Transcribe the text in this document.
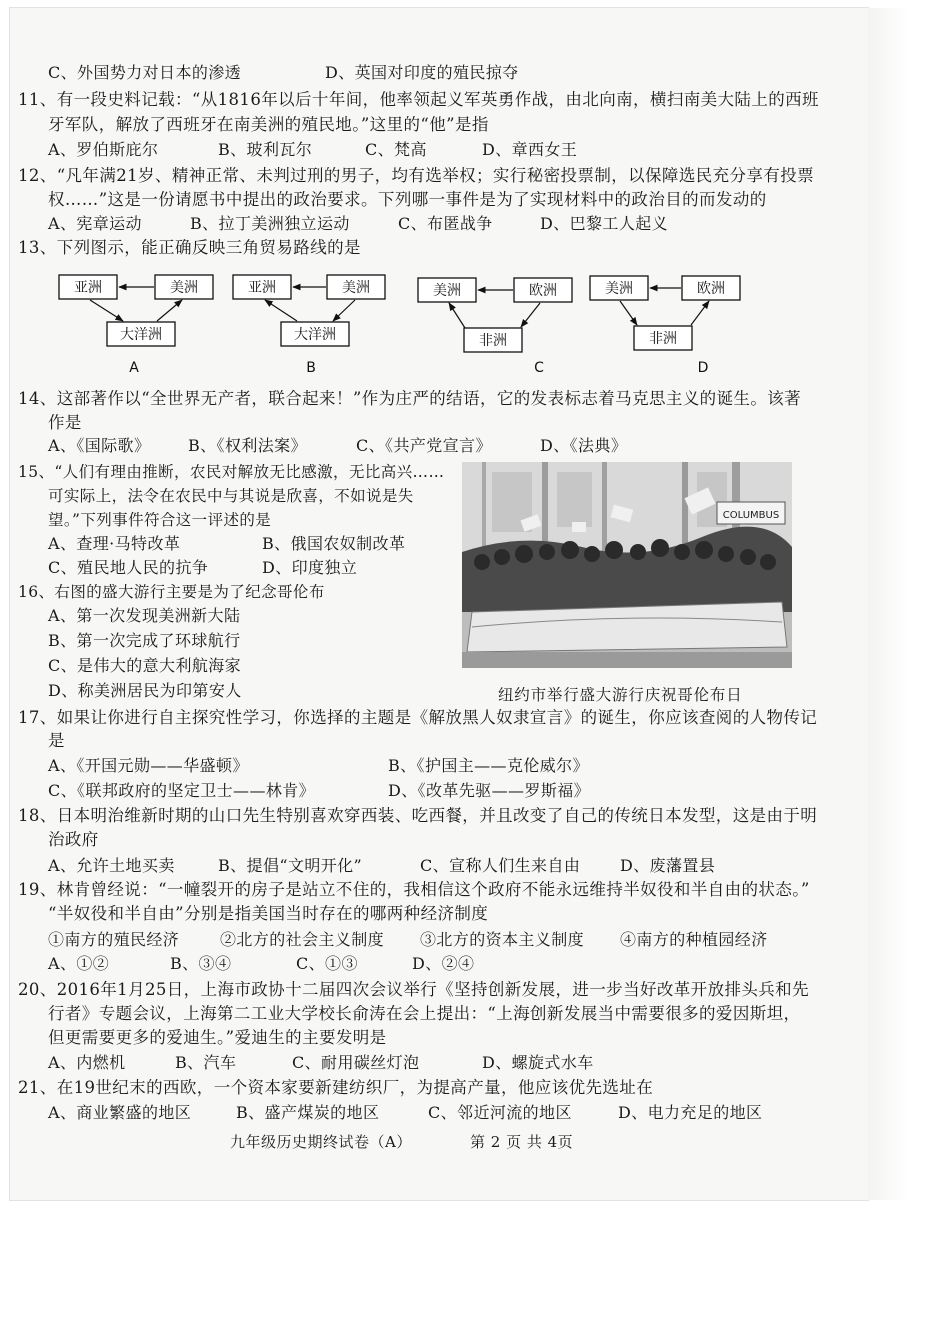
C、外国势力对日本的渗透	D、英国对印度的殖民掠夺
11、有一段史料记载：“从1816年以后十年间，他率领起义军英勇作战，由北向南，横扫南美大陆上的西班
牙军队，解放了西班牙在南美洲的殖民地。”这里的“他”是指
A、罗伯斯庇尔	B、玻利瓦尔	C、梵高	D、章西女王
12、“凡年满21岁、精神正常、未判过刑的男子，均有选举权；实行秘密投票制，以保障选民充分享有投票
权……”这是一份请愿书中提出的政治要求。下列哪一事件是为了实现材料中的政治目的而发动的
A、宪章运动	B、拉丁美洲独立运动	C、布匿战争	D、巴黎工人起义
13、下列图示，能正确反映三角贸易路线的是
亚洲	美洲
大洋洲
A
亚洲	美洲
大洋洲
B
美洲	欧洲
非洲
C
美洲	欧洲
非洲
D
14、这部著作以“全世界无产者，联合起来！”作为庄严的结语，它的发表标志着马克思主义的诞生。该著
作是
A、《国际歌》 B、《权利法案》	C、《共产党宣言》	D、《法典》
15、“人们有理由推断，农民对解放无比感激，无比高兴……
可实际上，法令在农民中与其说是欣喜，不如说是失
望。”下列事件符合这一评述的是
A、查理·马特改革	B、俄国农奴制改革
C、殖民地人民的抗争	D、印度独立
16、右图的盛大游行主要是为了纪念哥伦布
A、第一次发现美洲新大陆
B、第一次完成了环球航行
C、是伟大的意大利航海家
D、称美洲居民为印第安人
COLUMBUS
纽约市举行盛大游行庆祝哥伦布日
17、如果让你进行自主探究性学习，你选择的主题是《解放黑人奴隶宣言》的诞生，你应该查阅的人物传记
是
A、《开国元勋——华盛顿》	B、《护国主——克伦威尔》
C、《联邦政府的坚定卫士——林肯》	D、《改革先驱——罗斯福》
18、日本明治维新时期的山口先生特别喜欢穿西装、吃西餐，并且改变了自己的传统日本发型，这是由于明
治政府
A、允许土地买卖	B、提倡“文明开化”	C、宣称人们生来自由 D、废藩置县
19、林肯曾经说：“一幢裂开的房子是站立不住的，我相信这个政府不能永远维持半奴役和半自由的状态。”
“半奴役和半自由”分别是指美国当时存在的哪两种经济制度
①南方的殖民经济	②北方的社会主义制度 ③北方的资本主义制度 ④南方的种植园经济
A、①②	B、③④	C、①③	D、②④
20、2016年1月25日，上海市政协十二届四次会议举行《坚持创新发展，进一步当好改革开放排头兵和先
行者》专题会议，上海第二工业大学校长俞涛在会上提出：“上海创新发展当中需要很多的爱因斯坦，
但更需要更多的爱迪生。”爱迪生的主要发明是
A、内燃机	B、汽车	C、耐用碳丝灯泡	D、螺旋式水车
21、在19世纪末的西欧，一个资本家要新建纺织厂，为提高产量，他应该优先选址在
A、商业繁盛的地区	B、盛产煤炭的地区	C、邻近河流的地区	D、电力充足的地区
九年级历史期终试卷（A）	第 2 页 共 4页
